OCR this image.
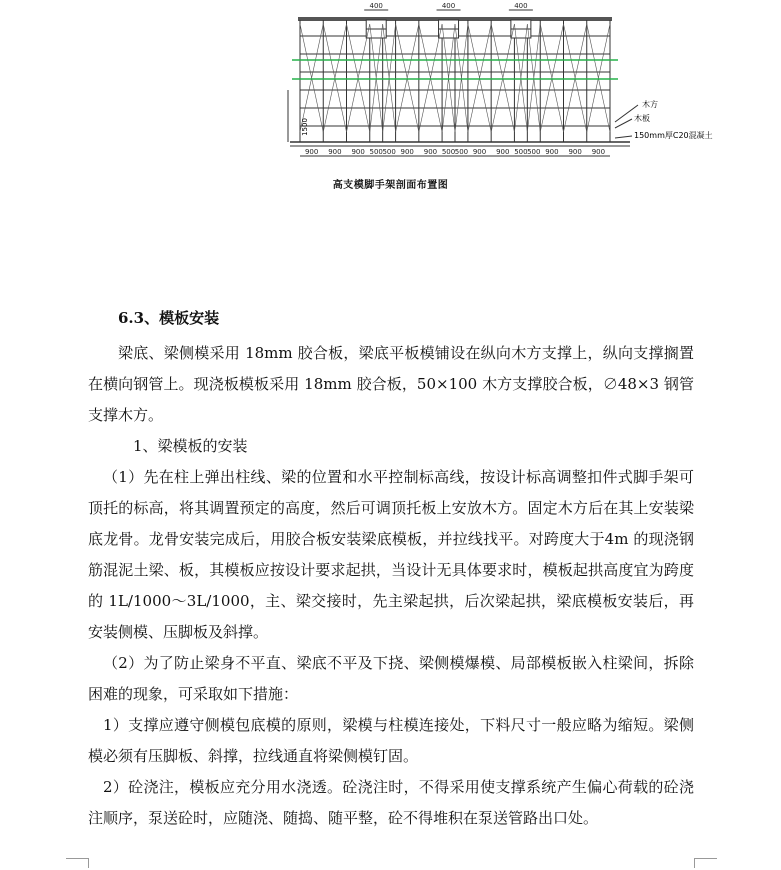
900 900 900 500 500 900 900 500 500 900 900 500 500 900 900 900
400	400	400
1500
木方
木板
150mm厚C20混凝土
高支模脚手架剖面布置图
6.3、模板安装

梁底、梁侧模采用 18mm 胶合板，梁底平板模铺设在纵向木方支撑上，纵向支撑搁置在横向钢管上。现浇板模板采用 18mm 胶合板，50×100 木方支撑胶合板，∅48×3 钢管支撑木方。

1、梁模板的安装

（1）先在柱上弹出柱线、梁的位置和水平控制标高线，按设计标高调整扣件式脚手架可顶托的标高，将其调置预定的高度，然后可调顶托板上安放木方。固定木方后在其上安装梁底龙骨。龙骨安装完成后，用胶合板安装梁底模板，并拉线找平。对跨度大于4m 的现浇钢筋混泥土梁、板，其模板应按设计要求起拱，当设计无具体要求时，模板起拱高度宜为跨度的 1L/1000～3L/1000，主、梁交接时，先主梁起拱，后次梁起拱，梁底模板安装后，再安装侧模、压脚板及斜撑。

（2）为了防止梁身不平直、梁底不平及下挠、梁侧模爆模、局部模板嵌入柱梁间，拆除困难的现象，可采取如下措施：

1）支撑应遵守侧模包底模的原则，梁模与柱模连接处，下料尺寸一般应略为缩短。梁侧模必须有压脚板、斜撑，拉线通直将梁侧模钉固。

2）砼浇注，模板应充分用水浇透。砼浇注时，不得采用使支撑系统产生偏心荷载的砼浇注顺序，泵送砼时，应随浇、随捣、随平整，砼不得堆积在泵送管路出口处。
